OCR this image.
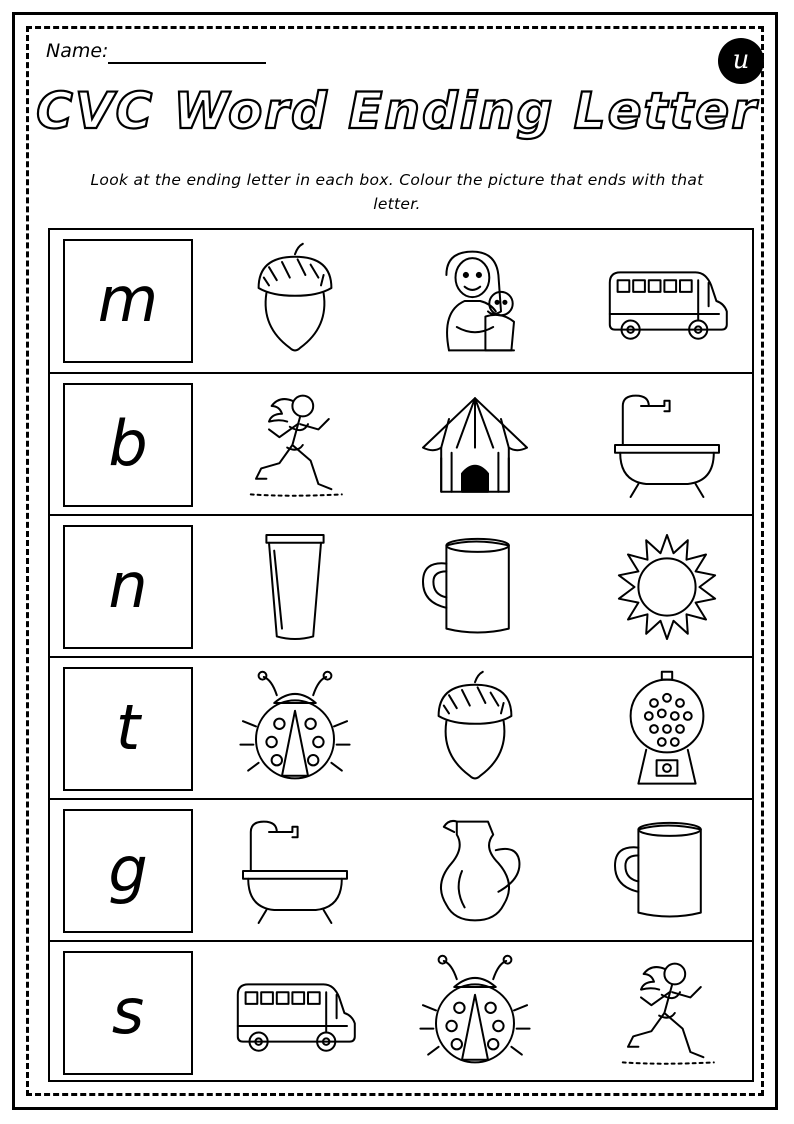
Name:	u
CVC Word Ending Letter
Look at the ending letter in each box. Colour the picture that ends with that letter.
m
b
n
t
g
s
